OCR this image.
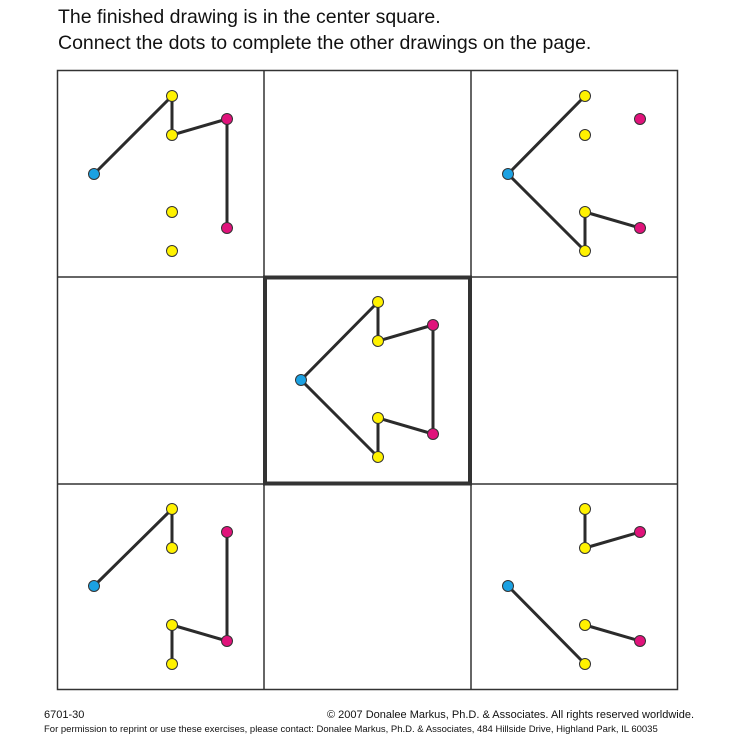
The finished drawing is in the center square.
Connect the dots to complete the other drawings on the page.
6701-30	© 2007 Donalee Markus, Ph.D. & Associates. All rights reserved worldwide.
For permission to reprint or use these exercises, please contact: Donalee Markus, Ph.D. & Associates, 484 Hillside Drive, Highland Park, IL 60035
